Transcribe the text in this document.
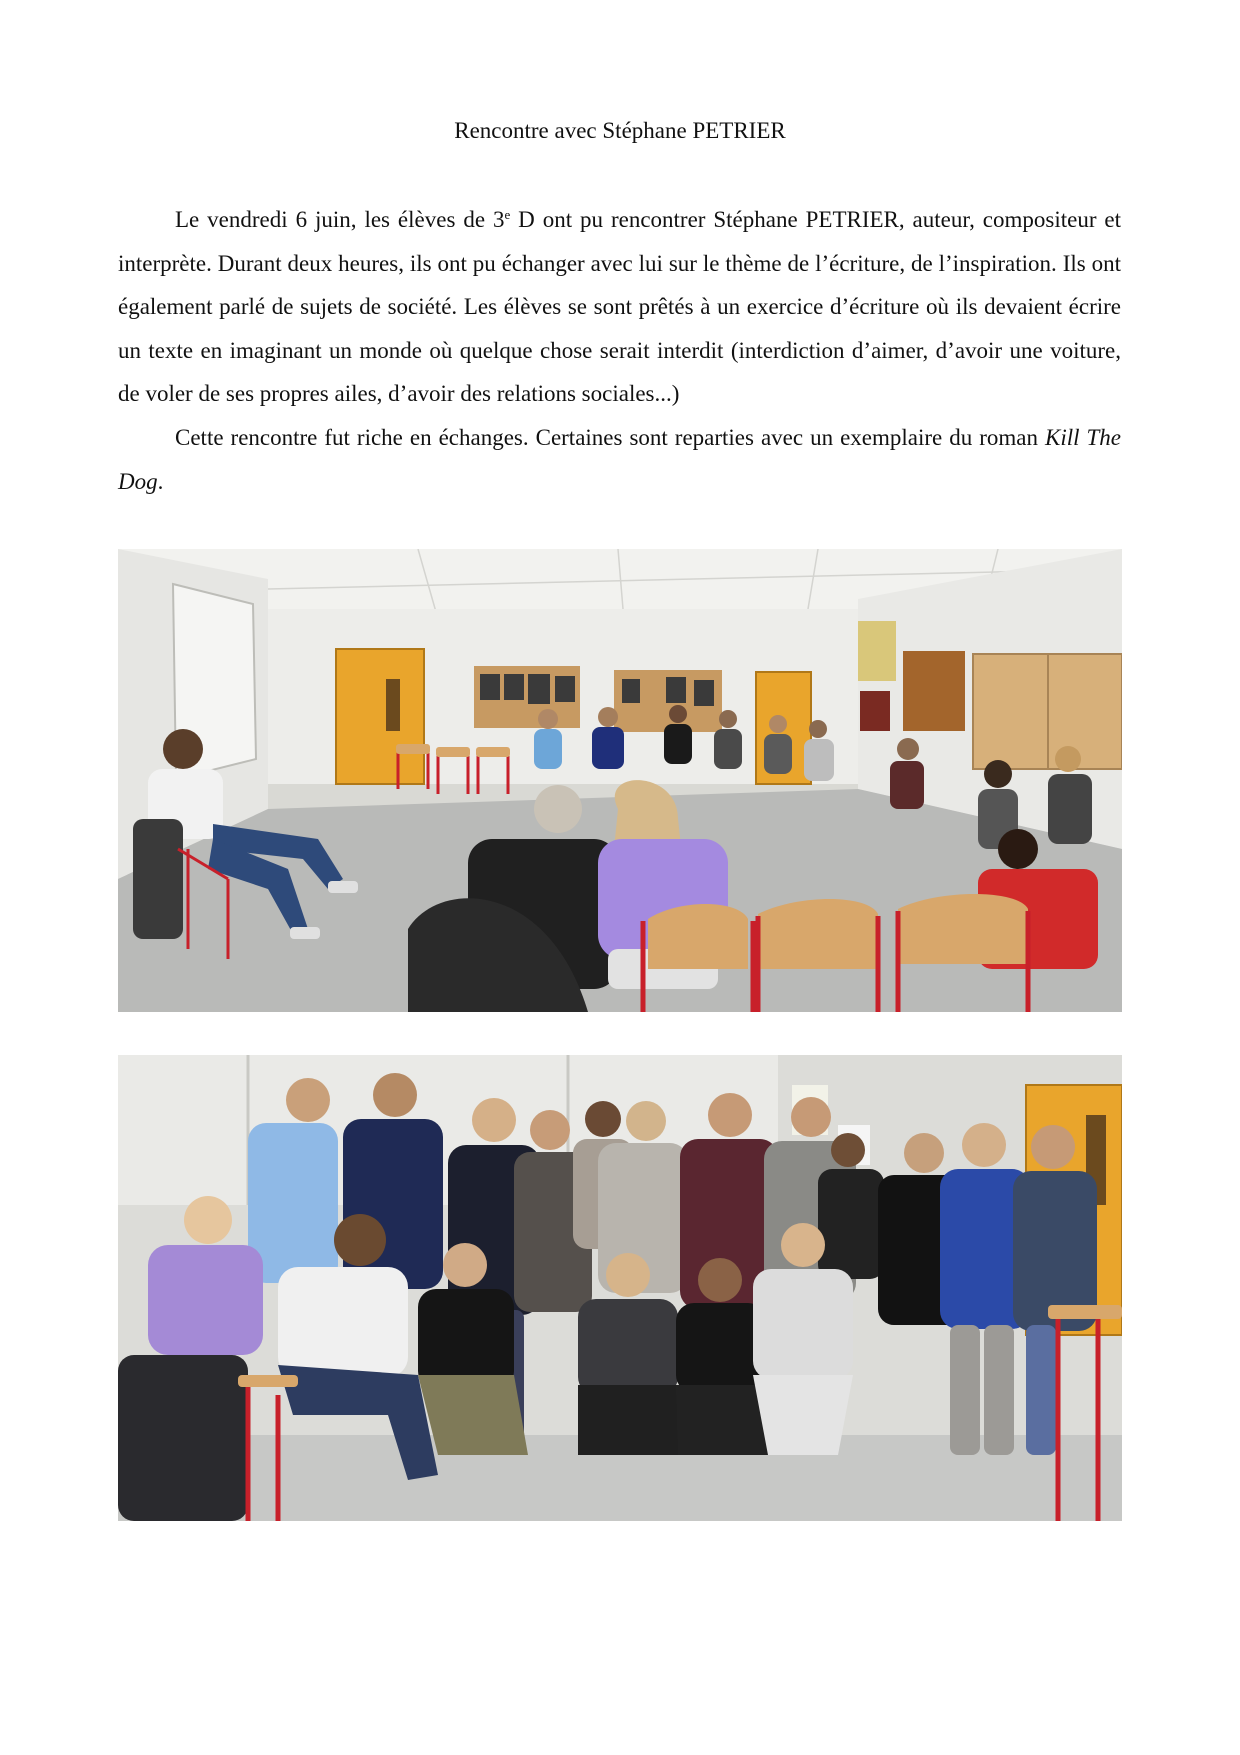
Rencontre avec Stéphane PETRIER

Le vendredi 6 juin, les élèves de 3e D ont pu rencontrer Stéphane PETRIER, auteur, compositeur et interprète. Durant deux heures, ils ont pu échanger avec lui sur le thème de l’écriture, de l’inspiration. Ils ont également parlé de sujets de société. Les élèves se sont prêtés à un exercice d’écriture où ils devaient écrire un texte en imaginant un monde où quelque chose serait interdit (interdiction d’aimer, d’avoir une voiture, de voler de ses propres ailes, d’avoir des relations sociales...)

Cette rencontre fut riche en échanges. Certaines sont reparties avec un exemplaire du roman Kill The Dog.
